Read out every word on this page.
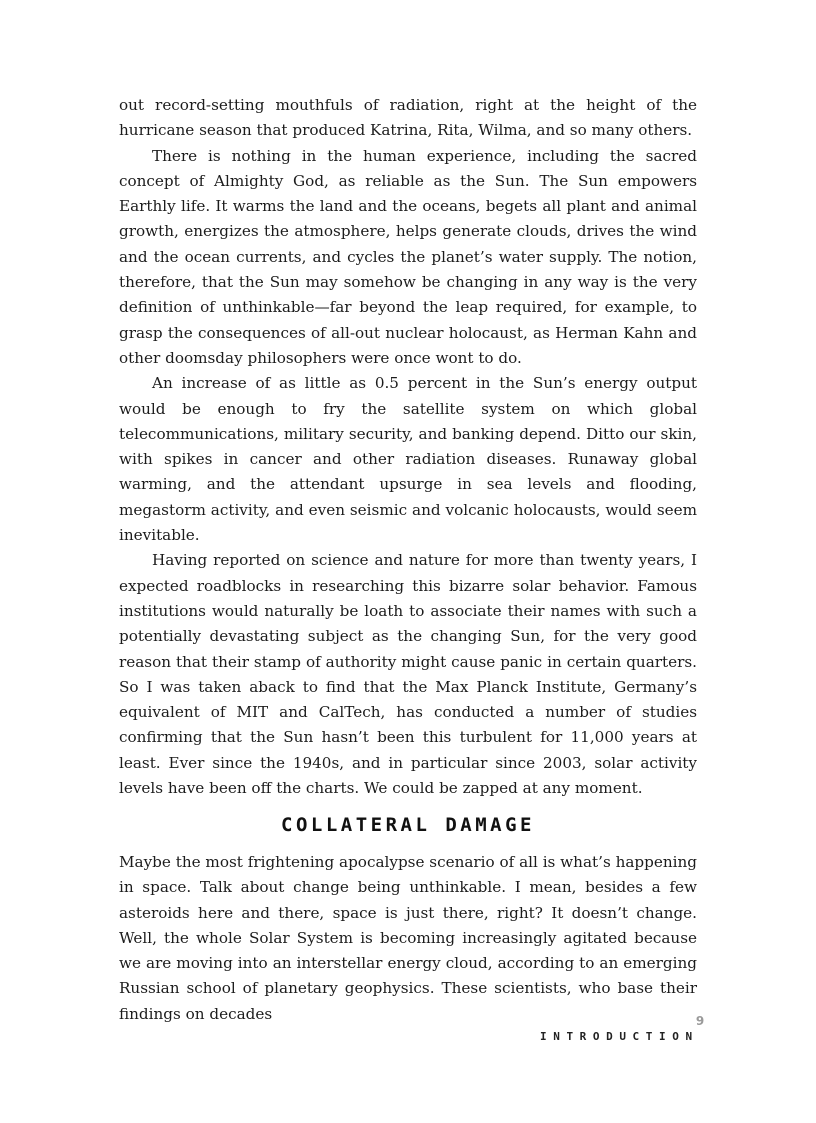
out record-setting mouthfuls of radiation, right at the height of the hurricane season that produced Katrina, Rita, Wilma, and so many others.

There is nothing in the human experience, including the sacred concept of Almighty God, as reliable as the Sun. The Sun empowers Earthly life. It warms the land and the oceans, begets all plant and animal growth, energizes the atmosphere, helps generate clouds, drives the wind and the ocean currents, and cycles the planet’s water supply. The notion, therefore, that the Sun may somehow be changing in any way is the very definition of unthinkable—far beyond the leap required, for example, to grasp the consequences of all-out nuclear holocaust, as Herman Kahn and other doomsday philosophers were once wont to do.

An increase of as little as 0.5 percent in the Sun’s energy output would be enough to fry the satellite system on which global telecommunications, military security, and banking depend. Ditto our skin, with spikes in cancer and other radiation diseases. Runaway global warming, and the attendant upsurge in sea levels and flooding, megastorm activity, and even seismic and volcanic holocausts, would seem inevitable.

Having reported on science and nature for more than twenty years, I expected roadblocks in researching this bizarre solar behavior. Famous institutions would naturally be loath to associate their names with such a potentially devastating subject as the changing Sun, for the very good reason that their stamp of authority might cause panic in certain quarters. So I was taken aback to find that the Max Planck Institute, Germany’s equivalent of MIT and CalTech, has conducted a number of studies confirming that the Sun hasn’t been this turbulent for 11,000 years at least. Ever since the 1940s, and in particular since 2003, solar activity levels have been off the charts. We could be zapped at any moment.

COLLATERAL DAMAGE

Maybe the most frightening apocalypse scenario of all is what’s happening in space. Talk about change being unthinkable. I mean, besides a few asteroids here and there, space is just there, right? It doesn’t change. Well, the whole Solar System is becoming increasingly agitated because we are moving into an interstellar energy cloud, according to an emerging Russian school of planetary geophysics. These scientists, who base their findings on decades	9
INTRODUCTION
